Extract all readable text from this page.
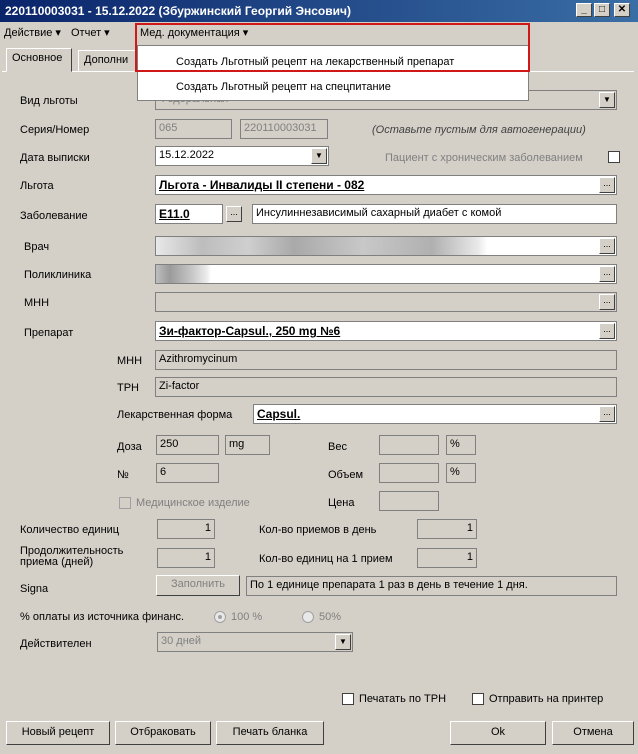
220110003031 - 15.12.2022 (Збуржинский Георгий Энсович)	_	□	✕
Действие ▾ Отчет ▾	Мед. документация ▾
Основное	Дополни	Создать Льготный рецепт на лекарственный препарат
Создать Льготный рецепт на спецпитание
Вид льготы	▼
Серия/Номер	065	220110003031	(Оставьте пустым для автогенерации)
Дата выписки	15.12.2022	▼	Пациент с хроническим заболеванием
Льгота	Льгота - Инвалиды II степени - 082	...
Заболевание	E11.0	...	Инсулиннезависимый сахарный диабет с комой
Врач	...
Поликлиника	...
МНН	...
Препарат	Зи-фактор-Capsul., 250 mg №6	...
МНН	Azithromycinum
ТРН	Zi-factor
Лекарственная форма	Capsul.	...
Доза	250	mg	Вес	%
№	6	Объем	%
Медицинское изделие	Цена
Количество единиц	1	Кол-во приемов в день	1
Продолжительность приема (дней)	1	Кол-во единиц на 1 прием	1
Signa	Заполнить	По 1 единице препарата 1 раз в день в течение 1 дня.
% оплаты из источника финанс.	100 %	50%
Действителен	30 дней	▼
Печатать по ТРН	Отправить на принтер
Новый рецепт	Отбраковать	Печать бланка	Ok	Отмена
